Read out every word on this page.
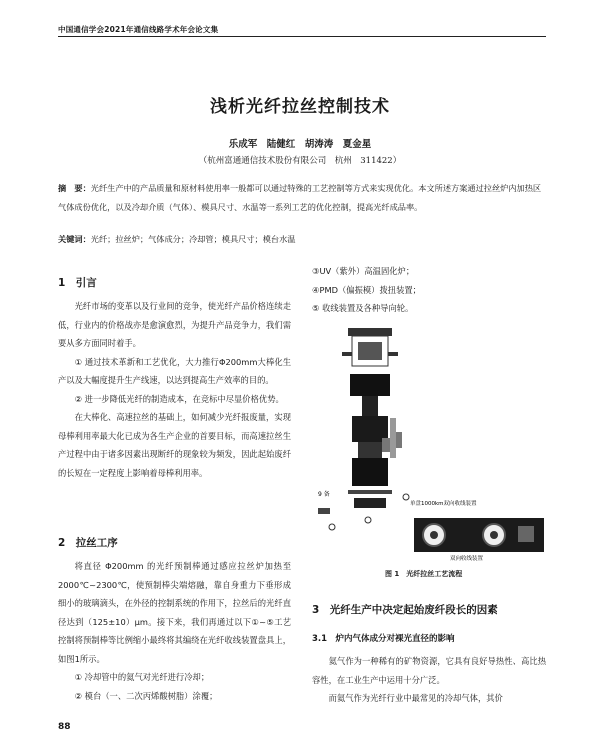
中国通信学会2021年通信线路学术年会论文集
浅析光纤拉丝控制技术
乐成军　陆健红　胡涛涛　夏金星
（杭州富通通信技术股份有限公司　杭州　311422）
摘　要：光纤生产中的产品质量和原材料使用率一般都可以通过特殊的工艺控制等方式来实现优化。本文所述方案通过拉丝炉内加热区气体成份优化，以及冷却介质（气体）、模具尺寸、水温等一系列工艺的优化控制，提高光纤成品率。
关键词：光纤；拉丝炉；气体成分；冷却管；模具尺寸；模台水温
1　引言

光纤市场的变革以及行业间的竞争，使光纤产品价格连续走低，行业内的价格战亦是愈演愈烈，为提升产品竞争力，我们需要从多方面同时着手。

① 通过技术革新和工艺优化，大力推行Φ200mm大棒化生产以及大幅度提升生产线速，以达到提高生产效率的目的。

② 进一步降低光纤的制造成本，在竞标中尽显价格优势。

在大棒化、高速拉丝的基础上，如何减少光纤报废量，实现母棒利用率最大化已成为各生产企业的首要目标，而高速拉丝生产过程中由于诸多因素出现断纤的现象较为频发，因此起始废纤的长短在一定程度上影响着母棒利用率。

2　拉丝工序

将直径 Φ200mm 的光纤预制棒通过感应拉丝炉加热至 2000℃~2300℃，使预制棒尖端熔融，靠自身重力下垂形成细小的玻璃滴头，在外径的控制系统的作用下，拉丝后的光纤直径达到（125±10）μm。接下来，我们再通过以下①~⑤工艺控制将预制棒等比例缩小最终将其编绕在光纤收线装置盘具上，如图1所示。

① 冷却管中的氦气对光纤进行冷却；

② 模台（一、二次丙烯酸树脂）涂覆；

③UV（紫外）高温固化炉；

④PMD（偏振模）拨扭装置；

⑤ 收线装置及各种导向轮。

9 备
单盘1000km双向收线装置
双向收线装置
图 1　光纤拉丝工艺流程
3　光纤生产中决定起始废纤段长的因素
3.1　炉内气体成分对裸光直径的影响

氦气作为一种稀有的矿物资源，它具有良好导热性、高比热容性，在工业生产中运用十分广泛。

而氦气作为光纤行业中最常见的冷却气体，其价

88
